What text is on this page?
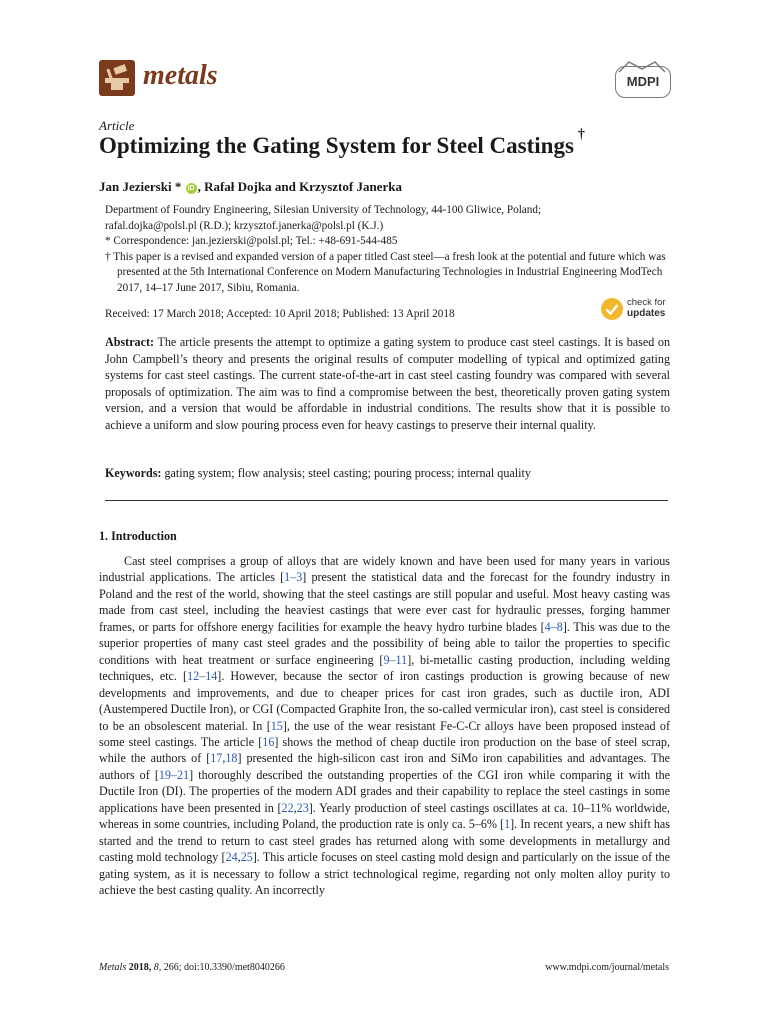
metals	MDPI
Article
Optimizing the Gating System for Steel Castings †
Jan Jezierski * iD , Rafał Dojka and Krzysztof Janerka

Department of Foundry Engineering, Silesian University of Technology, 44-100 Gliwice, Poland;

rafal.dojka@polsl.pl (R.D.); krzysztof.janerka@polsl.pl (K.J.)

* Correspondence: jan.jezierski@polsl.pl; Tel.: +48-691-544-485

† This paper is a revised and expanded version of a paper titled Cast steel—a fresh look at the potential and future which was presented at the 5th International Conference on Modern Manufacturing Technologies in Industrial Engineering ModTech 2017, 14–17 June 2017, Sibiu, Romania.

Received: 17 March 2018; Accepted: 10 April 2018; Published: 13 April 2018
check for
updates

Abstract: The article presents the attempt to optimize a gating system to produce cast steel castings. It is based on John Campbell’s theory and presents the original results of computer modelling of typical and optimized gating systems for cast steel castings. The current state-of-the-art in cast steel casting foundry was compared with several proposals of optimization. The aim was to find a compromise between the best, theoretically proven gating system version, and a version that would be affordable in industrial conditions. The results show that it is possible to achieve a uniform and slow pouring process even for heavy castings to preserve their internal quality.

Keywords: gating system; flow analysis; steel casting; pouring process; internal quality
1. Introduction

Cast steel comprises a group of alloys that are widely known and have been used for many years in various industrial applications. The articles [1–3] present the statistical data and the forecast for the foundry industry in Poland and the rest of the world, showing that the steel castings are still popular and useful. Most heavy casting was made from cast steel, including the heaviest castings that were ever cast for hydraulic presses, forging hammer frames, or parts for offshore energy facilities for example the heavy hydro turbine blades [4–8]. This was due to the superior properties of many cast steel grades and the possibility of being able to tailor the properties to specific conditions with heat treatment or surface engineering [9–11], bi-metallic casting production, including welding techniques, etc. [12–14]. However, because the sector of iron castings production is growing because of new developments and improvements, and due to cheaper prices for cast iron grades, such as ductile iron, ADI (Austempered Ductile Iron), or CGI (Compacted Graphite Iron, the so-called vermicular iron), cast steel is considered to be an obsolescent material. In [15], the use of the wear resistant Fe-C-Cr alloys have been proposed instead of some steel castings. The article [16] shows the method of cheap ductile iron production on the base of steel scrap, while the authors of [17,18] presented the high-silicon cast iron and SiMo iron capabilities and advantages. The authors of [19–21] thoroughly described the outstanding properties of the CGI iron while comparing it with the Ductile Iron (DI). The properties of the modern ADI grades and their capability to replace the steel castings in some applications have been presented in [22,23]. Yearly production of steel castings oscillates at ca. 10–11% worldwide, whereas in some countries, including Poland, the production rate is only ca. 5–6% [1]. In recent years, a new shift has started and the trend to return to cast steel grades has returned along with some developments in metallurgy and casting mold technology [24,25]. This article focuses on steel casting mold design and particularly on the issue of the gating system, as it is necessary to follow a strict technological regime, regarding not only molten alloy purity to achieve the best casting quality. An incorrectly

Metals 2018, 8, 266; doi:10.3390/met8040266	www.mdpi.com/journal/metals
